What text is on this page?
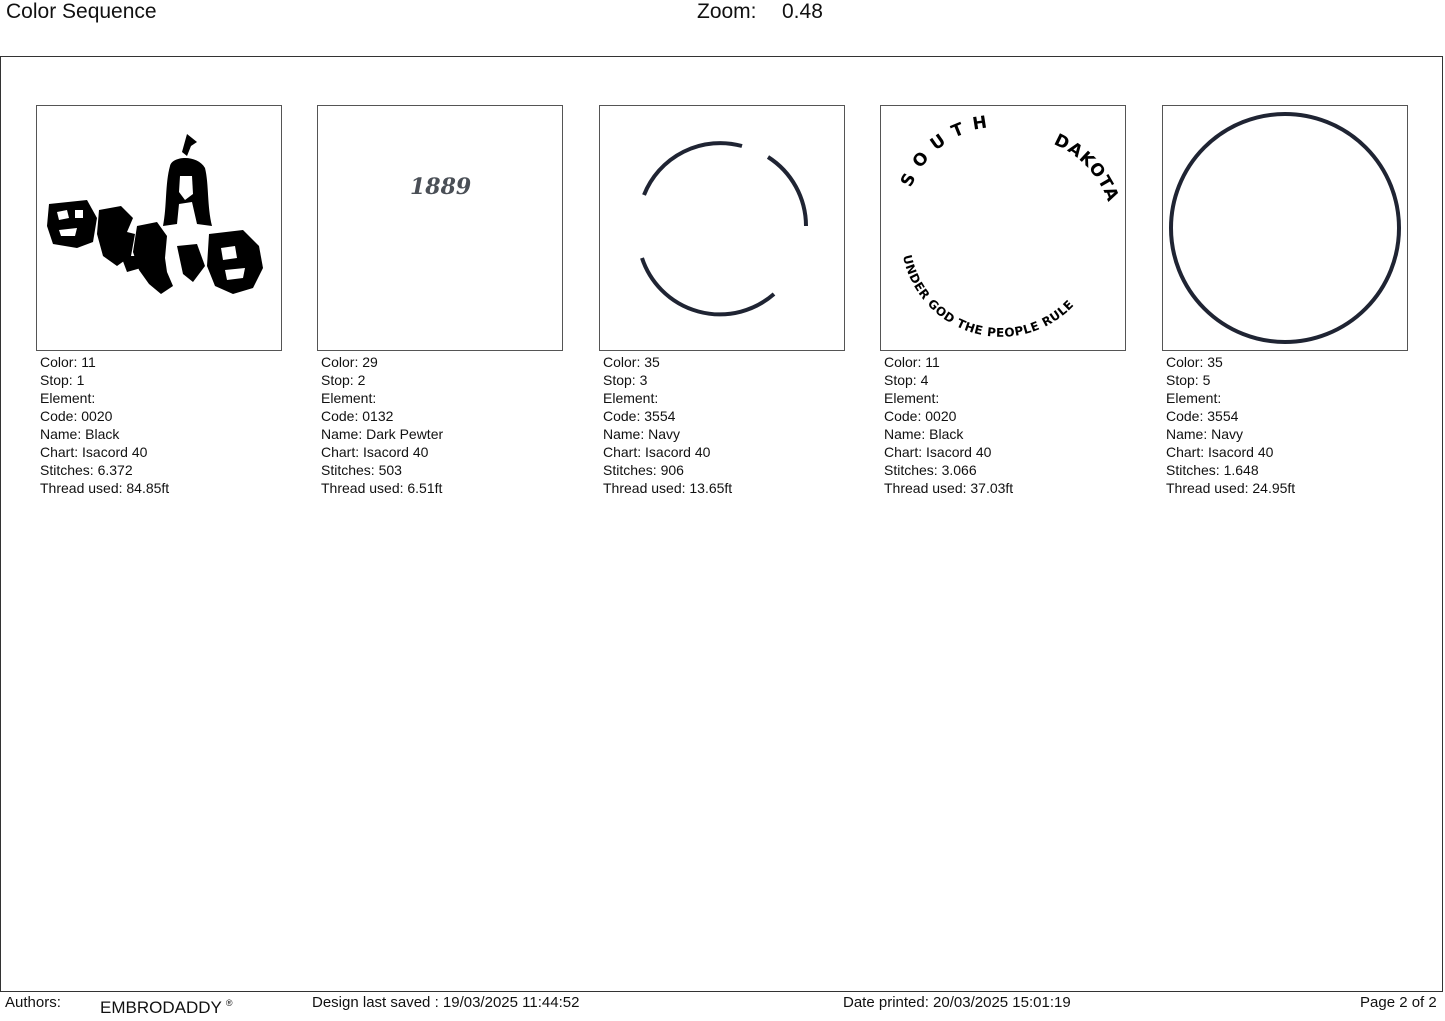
Color Sequence	Zoom: 0.48
Color: 11
Stop: 1
Element:
Code: 0020
Name: Black
Chart: Isacord 40
Stitches: 6.372
Thread used: 84.85ft
1889
Color: 29
Stop: 2
Element:
Code: 0132
Name: Dark Pewter
Chart: Isacord 40
Stitches: 503
Thread used: 6.51ft
Color: 35
Stop: 3
Element:
Code: 3554
Name: Navy
Chart: Isacord 40
Stitches: 906
Thread used: 13.65ft
SOUTH
DAKOTA
UNDER GOD THE PEOPLE RULE
Color: 11
Stop: 4
Element:
Code: 0020
Name: Black
Chart: Isacord 40
Stitches: 3.066
Thread used: 37.03ft
Color: 35
Stop: 5
Element:
Code: 3554
Name: Navy
Chart: Isacord 40
Stitches: 1.648
Thread used: 24.95ft
Authors: EMBRODADDY ®	Design last saved : 19/03/2025 11:44:52	Date printed: 20/03/2025 15:01:19	Page 2 of 2
